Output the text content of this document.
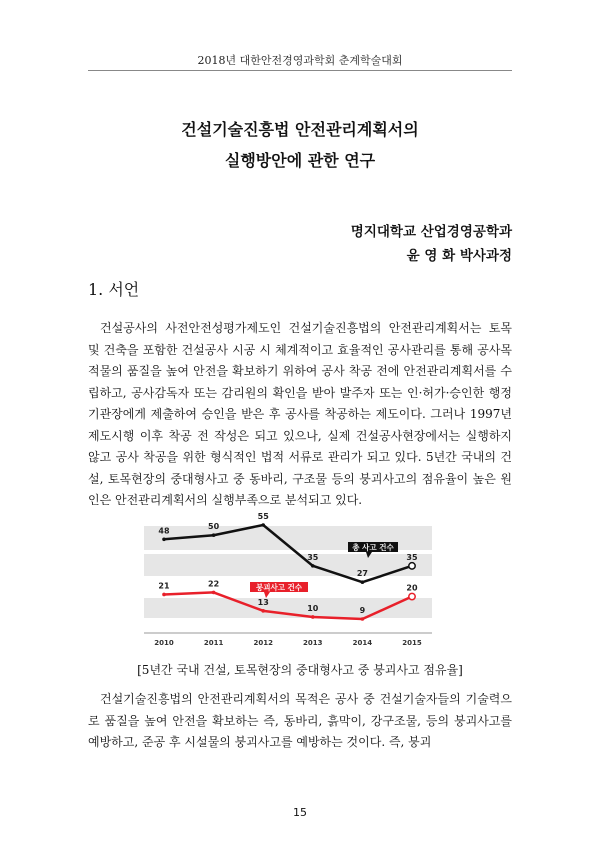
2018년 대한안전경영과학회 춘계학술대회
건설기술진흥법 안전관리계획서의
실행방안에 관한 연구
명지대학교 산업경영공학과
윤 영 화 박사과정
1. 서언

건설공사의 사전안전성평가제도인 건설기술진흥법의 안전관리계획서는 토목 및 건축을 포함한 건설공사 시공 시 체계적이고 효율적인 공사관리를 통해 공사목적물의 품질을 높여 안전을 확보하기 위하여 공사 착공 전에 안전관리계획서를 수립하고, 공사감독자 또는 감리원의 확인을 받아 발주자 또는 인·허가·승인한 행정기관장에게 제출하여 승인을 받은 후 공사를 착공하는 제도이다. 그러나 1997년 제도시행 이후 착공 전 작성은 되고 있으나, 실제 건설공사현장에서는 실행하지 않고 공사 착공을 위한 형식적인 법적 서류로 관리가 되고 있다. 5년간 국내의 건설, 토목현장의 중대형사고 중 동바리, 구조물 등의 붕괴사고의 점유율이 높은 원인은 안전관리계획서의 실행부족으로 분석되고 있다.

48	50
55
35
27
35
21	22
13
10	9
20
2010	2011	2012	2013	2014	2015
총 사고 건수
붕괴사고 건수
[5년간 국내 건설, 토목현장의 중대형사고 중 붕괴사고 점유율]

건설기술진흥법의 안전관리계획서의 목적은 공사 중 건설기술자들의 기술력으로 품질을 높여 안전을 확보하는 즉, 동바리, 흙막이, 강구조물, 등의 붕괴사고를 예방하고, 준공 후 시설물의 붕괴사고를 예방하는 것이다. 즉, 붕괴

15
